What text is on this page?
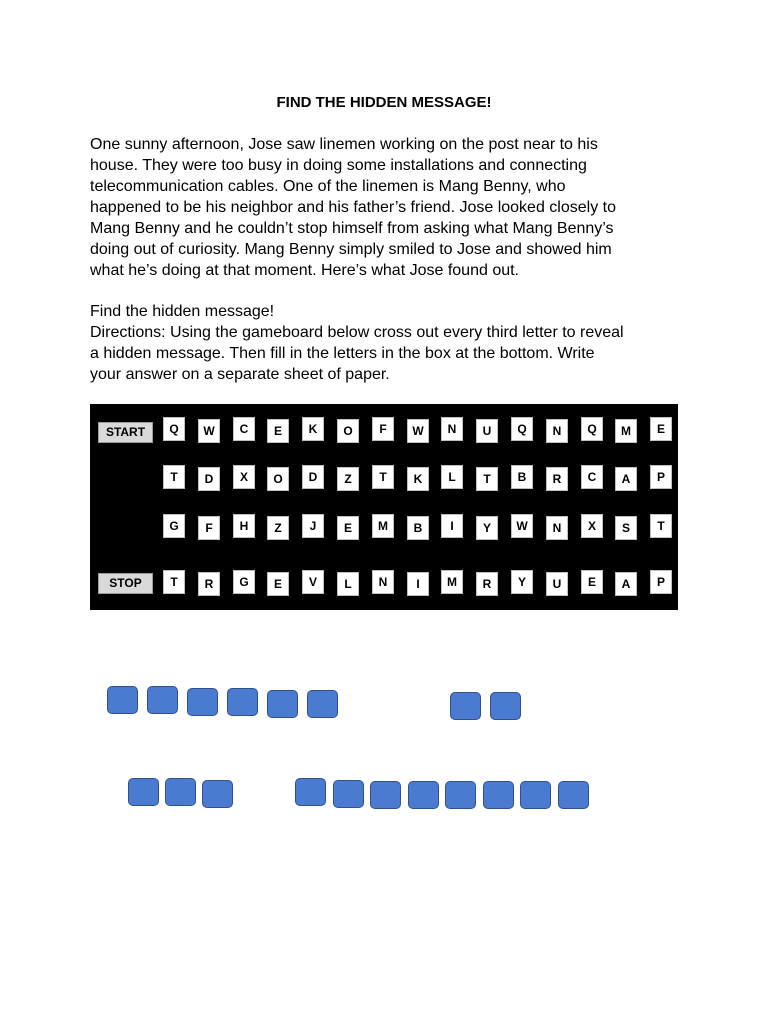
FIND THE HIDDEN MESSAGE!
One sunny afternoon, Jose saw linemen working on the post near to his
house. They were too busy in doing some installations and connecting
telecommunication cables. One of the linemen is Mang Benny, who
happened to be his neighbor and his father’s friend. Jose looked closely to
Mang Benny and he couldn’t stop himself from asking what Mang Benny’s
doing out of curiosity. Mang Benny simply smiled to Jose and showed him
what he’s doing at that moment. Here’s what Jose found out.
Find the hidden message!
Directions: Using the gameboard below cross out every third letter to reveal
a hidden message. Then fill in the letters in the box at the bottom. Write
your answer on a separate sheet of paper.
START
STOP
Q	W	C	E	K	O	F	W	N	U	Q	N	Q	M	E
T	D	X	O	D	Z	T	K	L	T	B	R	C	A	P
G	F	H	Z	J	E	M	B	I	Y	W	N	X	S	T
T	R	G	E	V	L	N	I	M	R	Y	U	E	A	P
